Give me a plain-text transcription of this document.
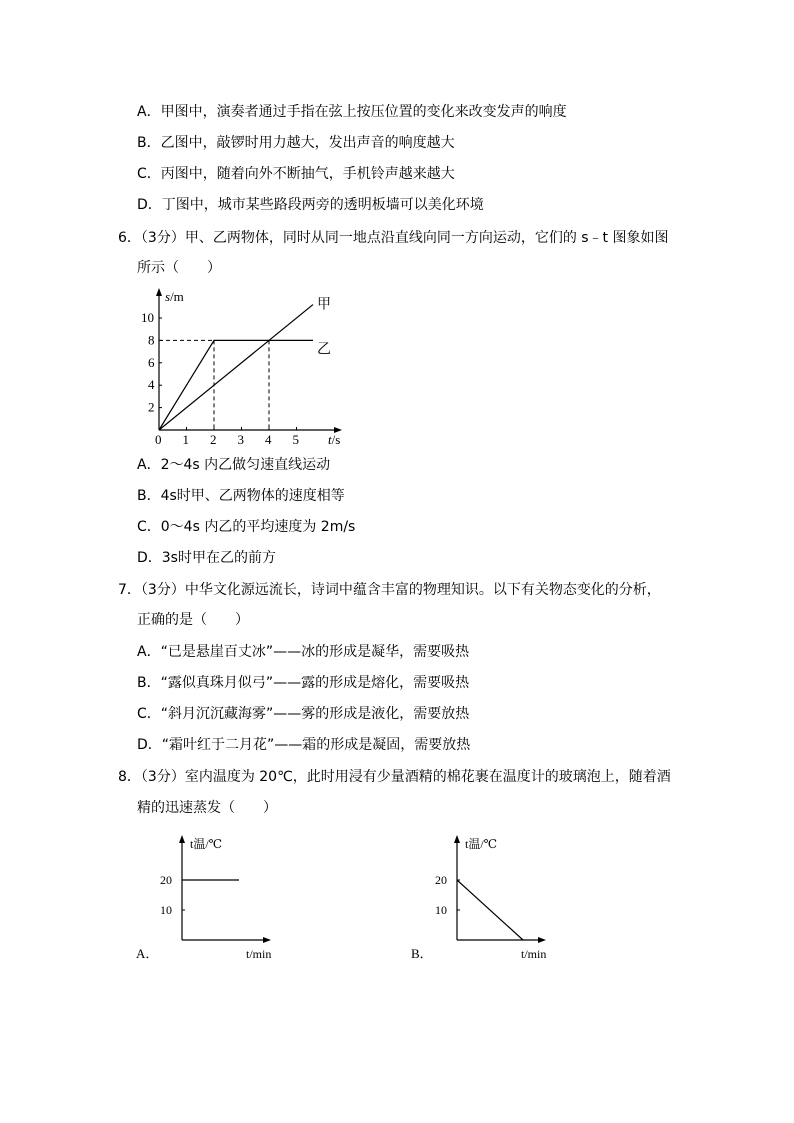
A．甲图中，演奏者通过手指在弦上按压位置的变化来改变发声的响度
B．乙图中，敲锣时用力越大，发出声音的响度越大
C．丙图中，随着向外不断抽气，手机铃声越来越大
D．丁图中，城市某些路段两旁的透明板墙可以美化环境
6．（3分）甲、乙两物体，同时从同一地点沿直线向同一方向运动，它们的 s﹣t 图象如图
所示（　　）
s/m
t/s
0 1 2 3 4 5
2
4
6
8
10
甲
乙
A．2～4s 内乙做匀速直线运动
B．4s时甲、乙两物体的速度相等
C．0～4s 内乙的平均速度为 2m/s
D．3s时甲在乙的前方
7．（3分）中华文化源远流长，诗词中蕴含丰富的物理知识。以下有关物态变化的分析，
正确的是（　　）
A．“已是悬崖百丈冰”——冰的形成是凝华，需要吸热
B．“露似真珠月似弓”——露的形成是熔化，需要吸热
C．“斜月沉沉藏海雾”——雾的形成是液化，需要放热
D．“霜叶红于二月花”——霜的形成是凝固，需要放热
8．（3分）室内温度为 20℃，此时用浸有少量酒精的棉花裹在温度计的玻璃泡上，随着酒
精的迅速蒸发（　　）
t温/℃
t/min
A．
10
20
t温/℃
t/min
B．
10
20
